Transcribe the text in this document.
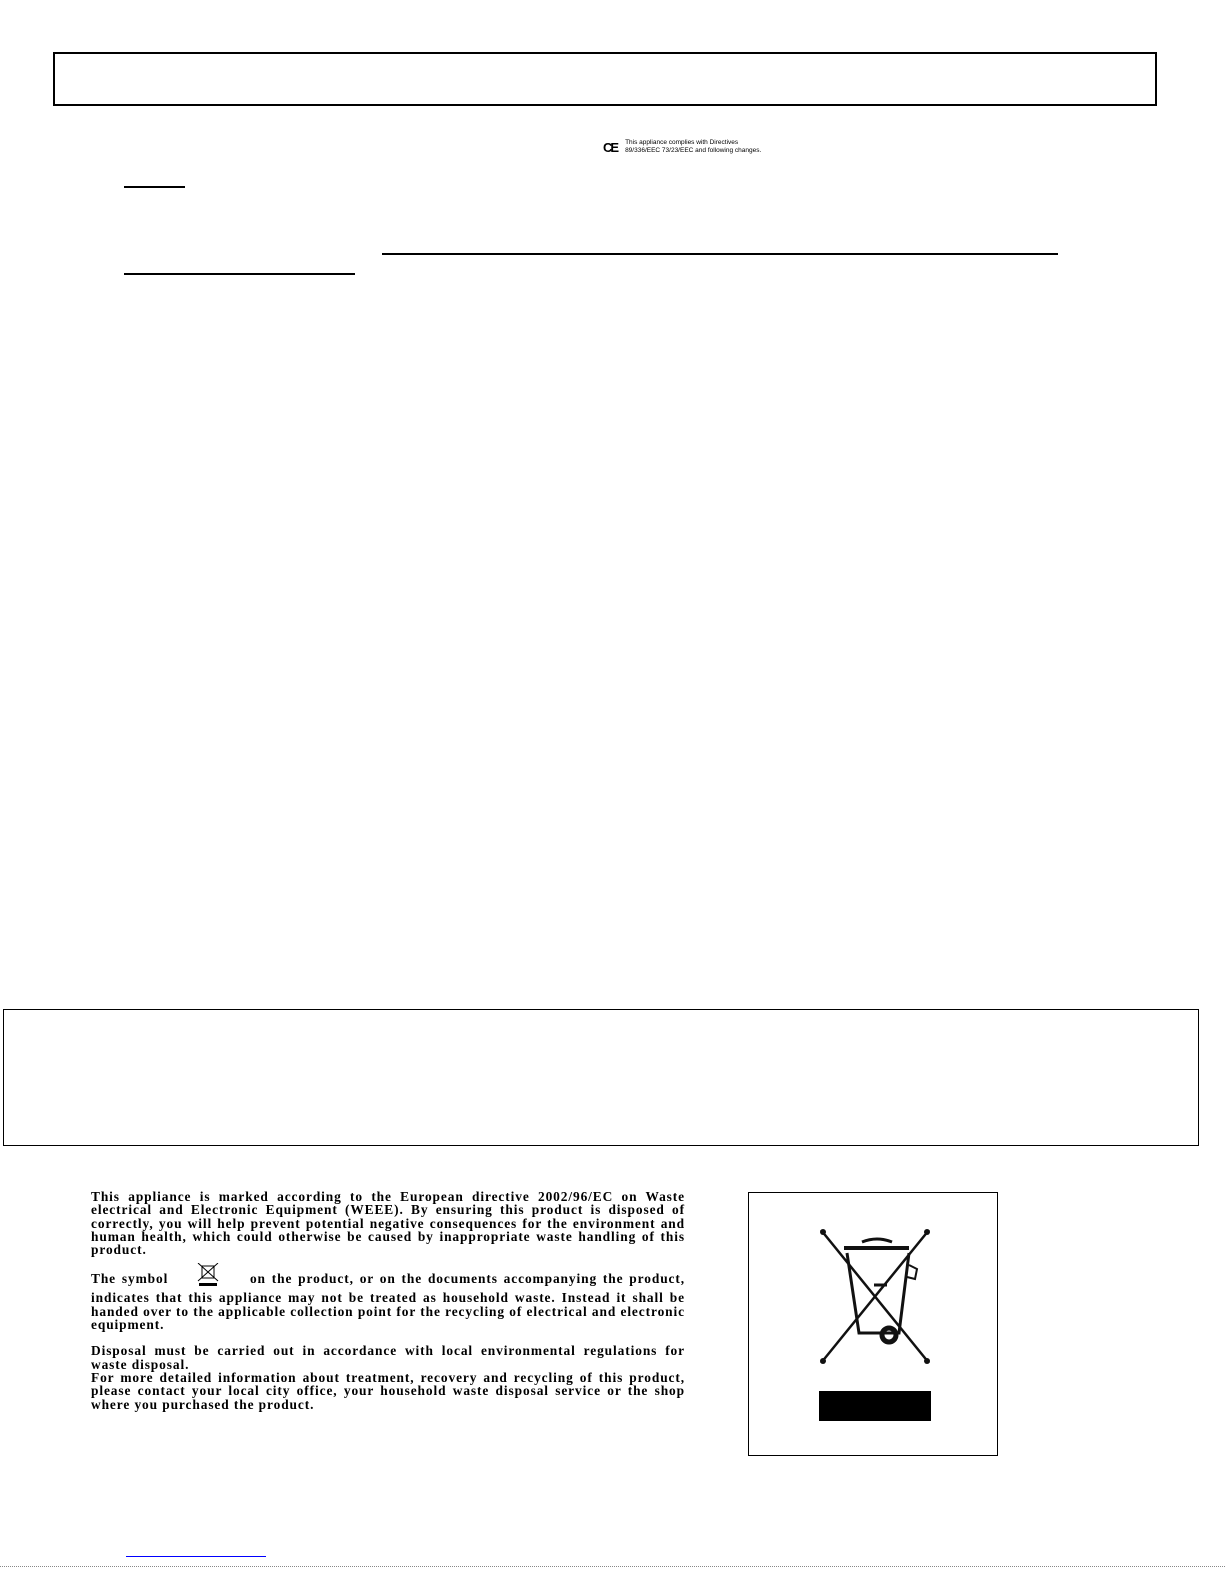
CE This appliance complies with Directives
89/336/EEC 73/23/EEC and following changes.

This appliance is marked according to the European directive 2002/96/EC on Waste electrical and Electronic Equipment (WEEE). By ensuring this product is disposed of correctly, you will help prevent potential negative consequences for the environment and human health, which could otherwise be caused by inappropriate waste handling of this product.

The symbol	on the product, or on the documents accompanying the product, indicates that this appliance may not be treated as household waste. Instead it shall be handed over to the applicable collection point for the recycling of electrical and electronic equipment.

Disposal must be carried out in accordance with local environmental regulations for waste disposal.

For more detailed information about treatment, recovery and recycling of this product, please contact your local city office, your household waste disposal service or the shop where you purchased the product.
